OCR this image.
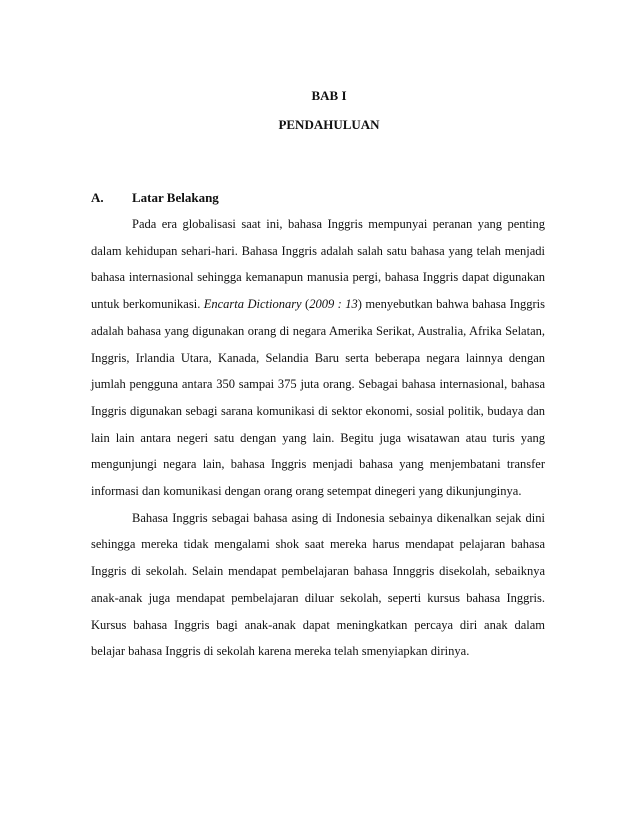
BAB I
PENDAHULUAN
A.	Latar Belakang

Pada era globalisasi saat ini, bahasa Inggris mempunyai peranan yang penting dalam kehidupan sehari-hari. Bahasa Inggris adalah salah satu bahasa yang telah menjadi bahasa internasional sehingga kemanapun manusia pergi, bahasa Inggris dapat digunakan untuk berkomunikasi. Encarta Dictionary (2009 : 13) menyebutkan bahwa bahasa Inggris adalah bahasa yang digunakan orang di negara Amerika Serikat, Australia, Afrika Selatan, Inggris, Irlandia Utara, Kanada, Selandia Baru serta beberapa negara lainnya dengan jumlah pengguna antara 350 sampai 375 juta orang. Sebagai bahasa internasional, bahasa Inggris digunakan sebagi sarana komunikasi di sektor ekonomi, sosial politik, budaya dan lain lain antara negeri satu dengan yang lain. Begitu juga wisatawan atau turis yang mengunjungi negara lain, bahasa Inggris menjadi bahasa yang menjembatani transfer informasi dan komunikasi dengan orang orang setempat dinegeri yang dikunjunginya.

Bahasa Inggris sebagai bahasa asing di Indonesia sebainya dikenalkan sejak dini sehingga mereka tidak mengalami shok saat mereka harus mendapat pelajaran bahasa Inggris di sekolah. Selain mendapat pembelajaran bahasa Innggris disekolah, sebaiknya anak-anak juga mendapat pembelajaran diluar sekolah, seperti kursus bahasa Inggris. Kursus bahasa Inggris bagi anak-anak dapat meningkatkan percaya diri anak dalam belajar bahasa Inggris di sekolah karena mereka telah smenyiapkan dirinya.
